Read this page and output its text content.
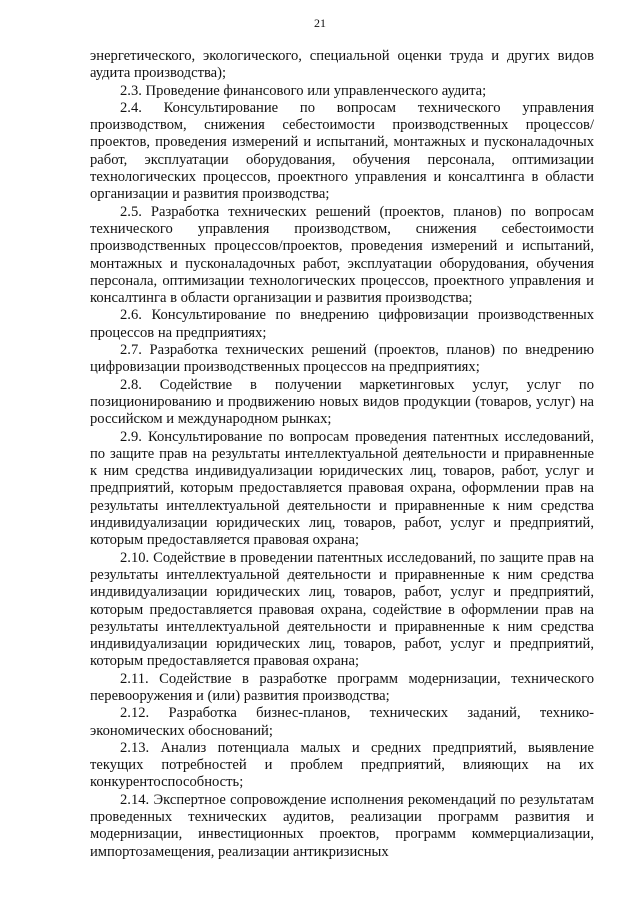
21

энергетического, экологического, специальной оценки труда и других видов аудита производства);

2.3. Проведение финансового или управленческого аудита;

2.4. Консультирование по вопросам технического управления производством, снижения себестоимости производственных процессов/проектов, проведения измерений и испытаний, монтажных и пусконаладочных работ, эксплуатации оборудования, обучения персонала, оптимизации технологических процессов, проектного управления и консалтинга в области организации и развития производства;

2.5. Разработка технических решений (проектов, планов) по вопросам технического управления производством, снижения себестоимости производственных процессов/проектов, проведения измерений и испытаний, монтажных и пусконаладочных работ, эксплуатации оборудования, обучения персонала, оптимизации технологических процессов, проектного управления и консалтинга в области организации и развития производства;

2.6. Консультирование по внедрению цифровизации производственных процессов на предприятиях;

2.7. Разработка технических решений (проектов, планов) по внедрению цифровизации производственных процессов на предприятиях;

2.8. Содействие в получении маркетинговых услуг, услуг по позиционированию и продвижению новых видов продукции (товаров, услуг) на российском и международном рынках;

2.9. Консультирование по вопросам проведения патентных исследований, по защите прав на результаты интеллектуальной деятельности и приравненные к ним средства индивидуализации юридических лиц, товаров, работ, услуг и предприятий, которым предоставляется правовая охрана, оформлении прав на результаты интеллектуальной деятельности и приравненные к ним средства индивидуализации юридических лиц, товаров, работ, услуг и предприятий, которым предоставляется правовая охрана;

2.10. Содействие в проведении патентных исследований, по защите прав на результаты интеллектуальной деятельности и приравненные к ним средства индивидуализации юридических лиц, товаров, работ, услуг и предприятий, которым предоставляется правовая охрана, содействие в оформлении прав на результаты интеллектуальной деятельности и приравненные к ним средства индивидуализации юридических лиц, товаров, работ, услуг и предприятий, которым предоставляется правовая охрана;

2.11. Содействие в разработке программ модернизации, технического перевооружения и (или) развития производства;

2.12. Разработка бизнес-планов, технических заданий, технико-экономических обоснований;

2.13. Анализ потенциала малых и средних предприятий, выявление текущих потребностей и проблем предприятий, влияющих на их конкурентоспособность;

2.14. Экспертное сопровождение исполнения рекомендаций по результатам проведенных технических аудитов, реализации программ развития и модернизации, инвестиционных проектов, программ коммерциализации, импортозамещения, реализации антикризисных
